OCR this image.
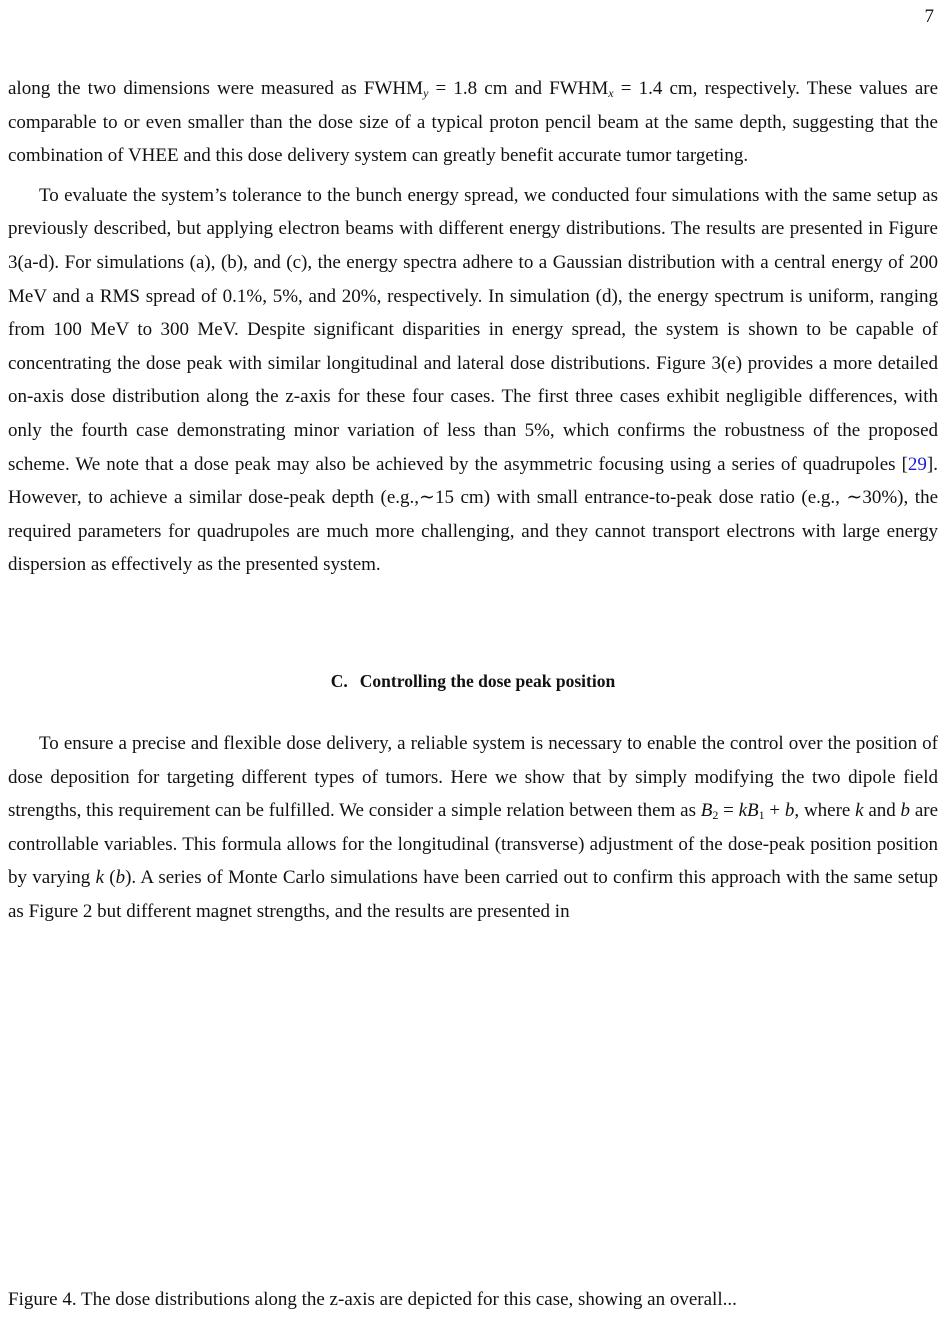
7

along the two dimensions were measured as $FWHM_y = 1.8$ cm and $FWHM_x = 1.4$ cm, respectively. These values are comparable to or even smaller than the dose size of a typical proton pencil beam at the same depth, suggesting that the combination of VHEE and this dose delivery system can greatly benefit accurate tumor targeting.

To evaluate the system’s tolerance to the bunch energy spread, we conducted four simulations with the same setup as previously described, but applying electron beams with different energy distributions. The results are presented in Figure 3(a-d). For simulations (a), (b), and (c), the energy spectra adhere to a Gaussian distribution with a central energy of 200 MeV and a RMS spread of 0.1%, 5%, and 20%, respectively. In simulation (d), the energy spectrum is uniform, ranging from 100 MeV to 300 MeV. Despite significant disparities in energy spread, the system is shown to be capable of concentrating the dose peak with similar longitudinal and lateral dose distributions. Figure 3(e) provides a more detailed on-axis dose distribution along the z-axis for these four cases. The first three cases exhibit negligible differences, with only the fourth case demonstrating minor variation of less than 5%, which confirms the robustness of the proposed scheme. We note that a dose peak may also be achieved by the asymmetric focusing using a series of quadrupoles [29]. However, to achieve a similar dose-peak depth (e.g.,∼15 cm) with small entrance-to-peak dose ratio (e.g., ∼30%), the required parameters for quadrupoles are much more challenging, and they cannot transport electrons with large energy dispersion as effectively as the presented system.

C. Controlling the dose peak position

To ensure a precise and flexible dose delivery, a reliable system is necessary to enable the control over the position of dose deposition for targeting different types of tumors. Here we show that by simply modifying the two dipole field strengths, this requirement can be fulfilled. We consider a simple relation between them as $B_2 = kB_1 + b$, where k and b are controllable variables. This formula allows for the longitudinal (transverse) adjustment of the dose-peak position position by varying k (b). A series of Monte Carlo simulations have been carried out to confirm this approach with the same setup as Figure 2 but different magnet strengths, and the results are presented in

Figure 4. The dose distributions along the z-axis are depicted for this case, showing an overall...
